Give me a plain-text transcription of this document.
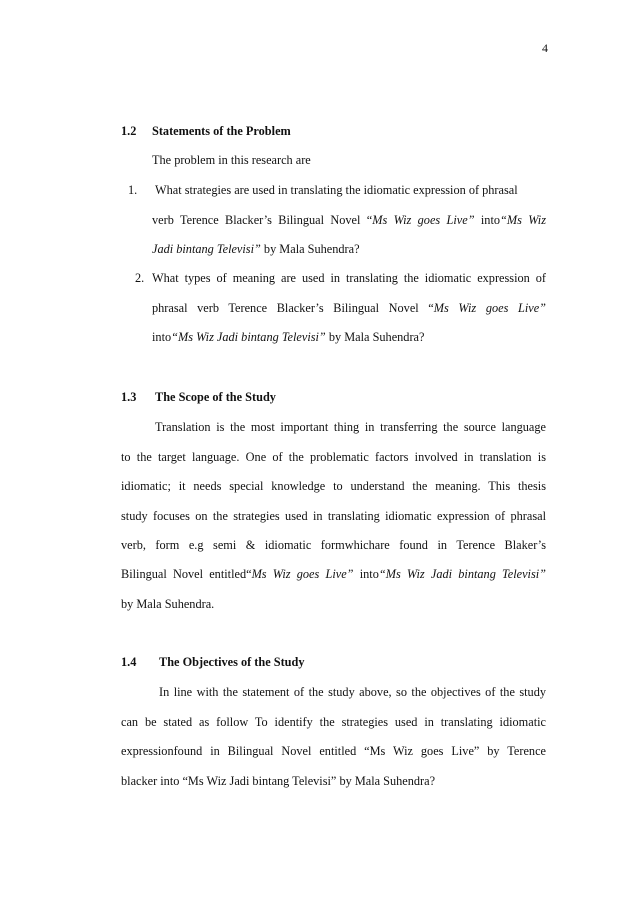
4
1.2 Statements of the Problem
The problem in this research are
1. What strategies are used in translating the idiomatic expression of phrasal
verb Terence Blacker’s Bilingual Novel “Ms Wiz goes Live” into“Ms Wiz
Jadi bintang Televisi” by Mala Suhendra?
2. What types of meaning are used in translating the idiomatic expression of
phrasal verb Terence Blacker’s Bilingual Novel “Ms Wiz goes Live”
into“Ms Wiz Jadi bintang Televisi” by Mala Suhendra?
1.3 The Scope of the Study
Translation is the most important thing in transferring the source language
to the target language. One of the problematic factors involved in translation is
idiomatic; it needs special knowledge to understand the meaning. This thesis
study focuses on the strategies used in translating idiomatic expression of phrasal
verb, form e.g semi & idiomatic formwhichare found in Terence Blaker’s
Bilingual Novel entitled“Ms Wiz goes Live” into“Ms Wiz Jadi bintang Televisi”
by Mala Suhendra.
1.4 The Objectives of the Study
In line with the statement of the study above, so the objectives of the study
can be stated as follow To identify the strategies used in translating idiomatic
expressionfound in Bilingual Novel entitled “Ms Wiz goes Live” by Terence
blacker into “Ms Wiz Jadi bintang Televisi” by Mala Suhendra?
